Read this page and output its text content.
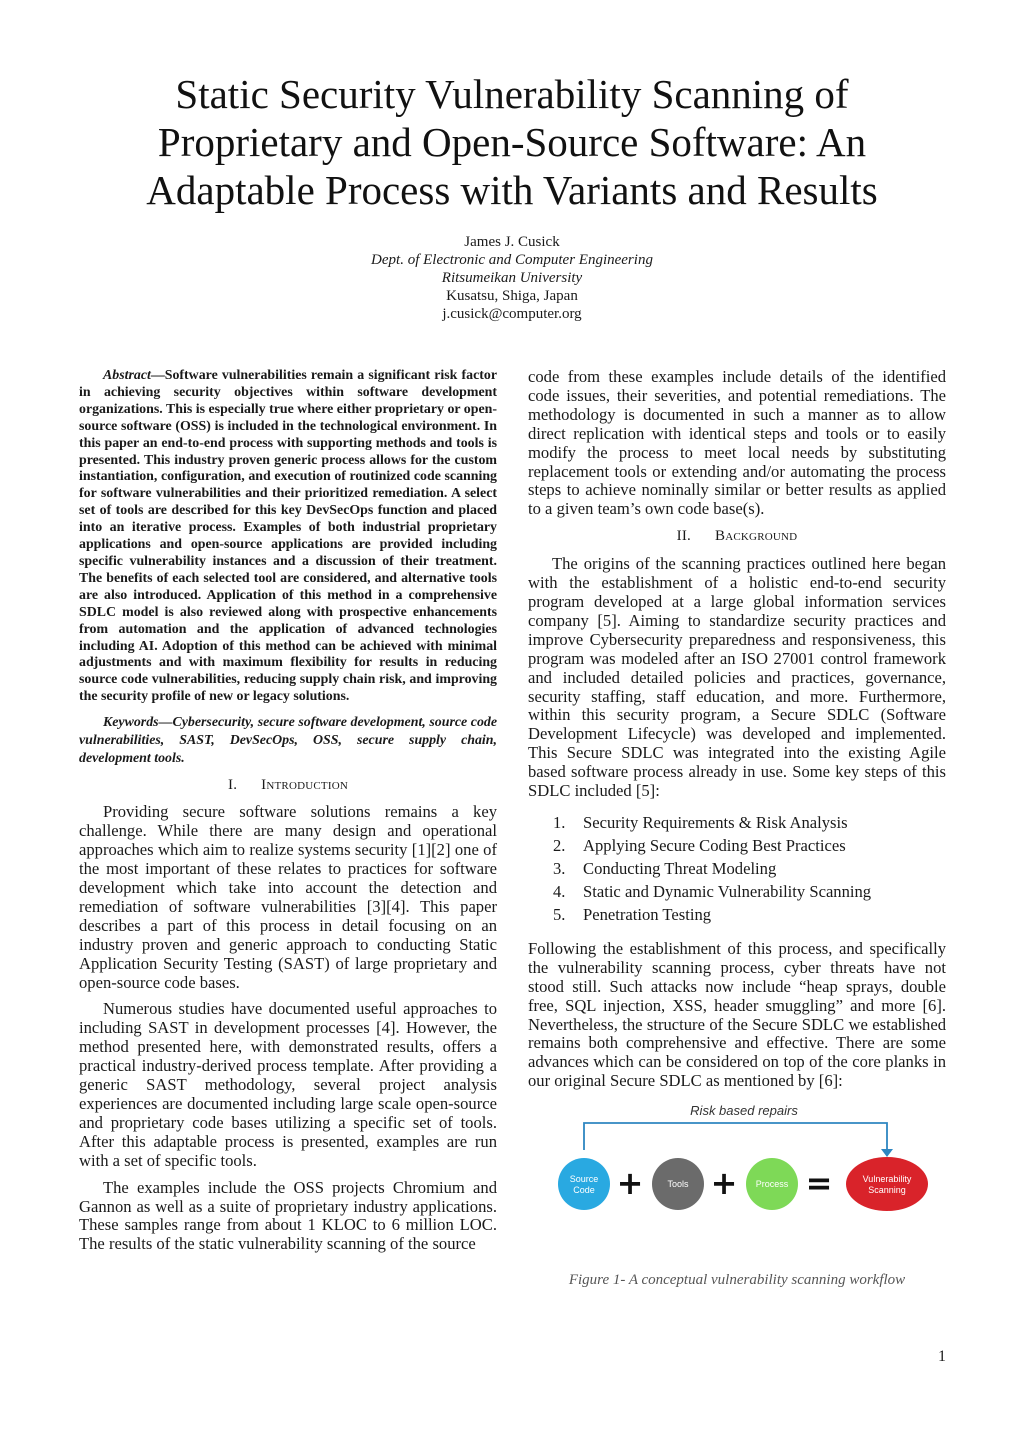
Static Security Vulnerability Scanning of Proprietary and Open-Source Software: An Adaptable Process with Variants and Results
James J. Cusick
Dept. of Electronic and Computer Engineering
Ritsumeikan University
Kusatsu, Shiga, Japan
j.cusick@computer.org

Abstract—Software vulnerabilities remain a significant risk factor in achieving security objectives within software development organizations. This is especially true where either proprietary or open-source software (OSS) is included in the technological environment. In this paper an end-to-end process with supporting methods and tools is presented. This industry proven generic process allows for the custom instantiation, configuration, and execution of routinized code scanning for software vulnerabilities and their prioritized remediation. A select set of tools are described for this key DevSecOps function and placed into an iterative process. Examples of both industrial proprietary applications and open-source applications are provided including specific vulnerability instances and a discussion of their treatment. The benefits of each selected tool are considered, and alternative tools are also introduced. Application of this method in a comprehensive SDLC model is also reviewed along with prospective enhancements from automation and the application of advanced technologies including AI. Adoption of this method can be achieved with minimal adjustments and with maximum flexibility for results in reducing source code vulnerabilities, reducing supply chain risk, and improving the security profile of new or legacy solutions.

Keywords—Cybersecurity, secure software development, source code vulnerabilities, SAST, DevSecOps, OSS, secure supply chain, development tools.

I. Introduction

Providing secure software solutions remains a key challenge. While there are many design and operational approaches which aim to realize systems security [1][2] one of the most important of these relates to practices for software development which take into account the detection and remediation of software vulnerabilities [3][4]. This paper describes a part of this process in detail focusing on an industry proven and generic approach to conducting Static Application Security Testing (SAST) of large proprietary and open-source code bases.

Numerous studies have documented useful approaches to including SAST in development processes [4]. However, the method presented here, with demonstrated results, offers a practical industry-derived process template. After providing a generic SAST methodology, several project analysis experiences are documented including large scale open-source and proprietary code bases utilizing a specific set of tools. After this adaptable process is presented, examples are run with a set of specific tools.

The examples include the OSS projects Chromium and Gannon as well as a suite of proprietary industry applications. These samples range from about 1 KLOC to 6 million LOC. The results of the static vulnerability scanning of the source

code from these examples include details of the identified code issues, their severities, and potential remediations. The methodology is documented in such a manner as to allow direct replication with identical steps and tools or to easily modify the process to meet local needs by substituting replacement tools or extending and/or automating the process steps to achieve nominally similar or better results as applied to a given team’s own code base(s).

II. Background

The origins of the scanning practices outlined here began with the establishment of a holistic end-to-end security program developed at a large global information services company [5]. Aiming to standardize security practices and improve Cybersecurity preparedness and responsiveness, this program was modeled after an ISO 27001 control framework and included detailed policies and practices, governance, security staffing, staff education, and more. Furthermore, within this security program, a Secure SDLC (Software Development Lifecycle) was developed and implemented. This Secure SDLC was integrated into the existing Agile based software process already in use. Some key steps of this SDLC included [5]:

1.	Security Requirements & Risk Analysis
2.	Applying Secure Coding Best Practices
3.	Conducting Threat Modeling
4.	Static and Dynamic Vulnerability Scanning
5.	Penetration Testing

Following the establishment of this process, and specifically the vulnerability scanning process, cyber threats have not stood still. Such attacks now include “heap sprays, double free, SQL injection, XSS, header smuggling” and more [6]. Nevertheless, the structure of the Secure SDLC we established remains both comprehensive and effective. There are some advances which can be considered on top of the core planks in our original Secure SDLC as mentioned by [6]:

Risk based repairs
Source
Code +	Tools + Process =	Vulnerability
Scanning
Figure 1- A conceptual vulnerability scanning workflow
1
